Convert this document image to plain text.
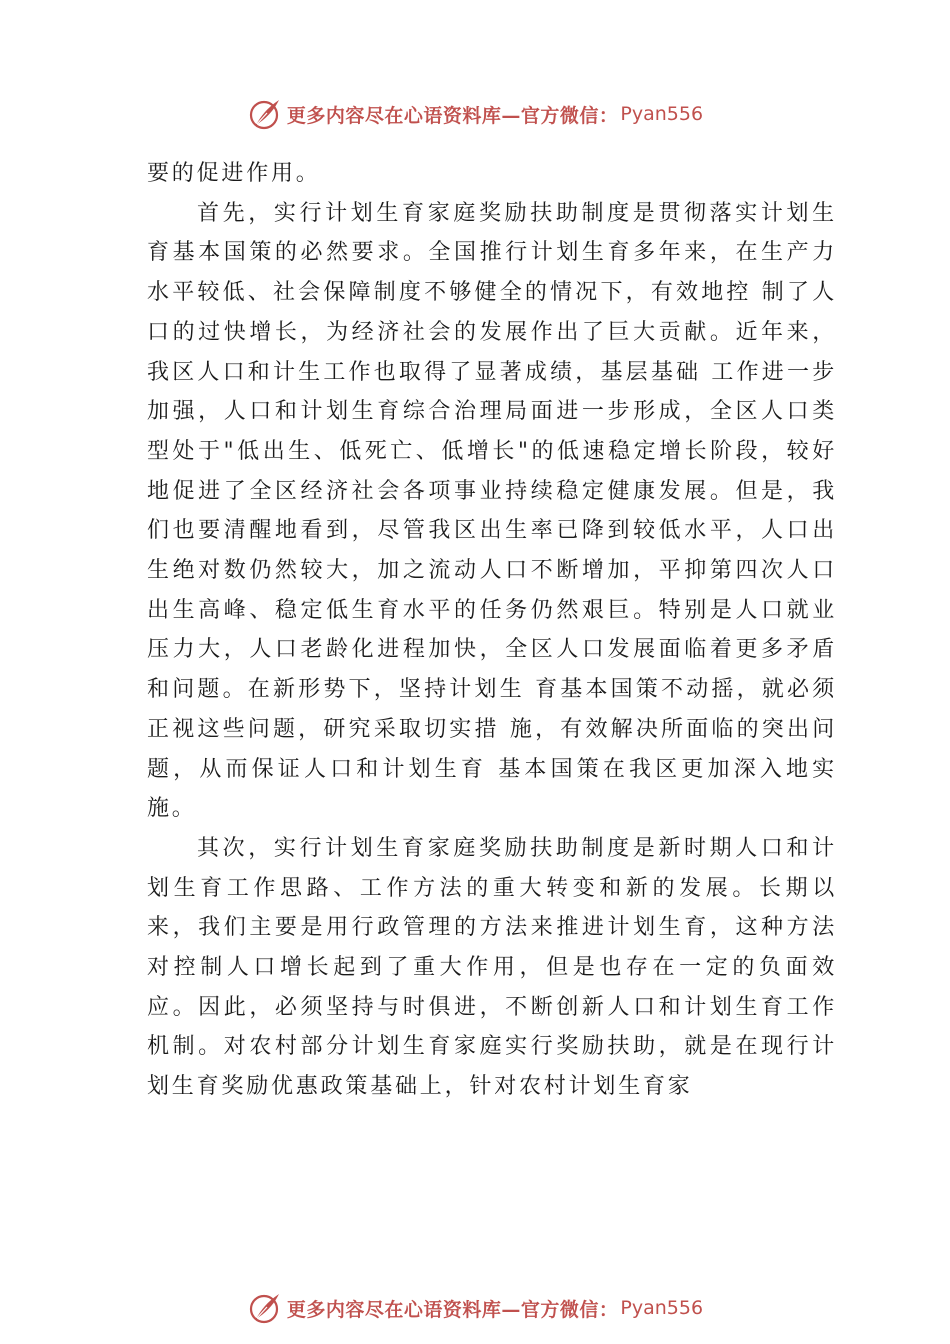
更多内容尽在心语资料库—官方微信： Pyan556

要的促进作用。

首先，实行计划生育家庭奖励扶助制度是贯彻落实计划生育基本国策的必然要求。全国推行计划生育多年来，在生产力水平较低、社会保障制度不够健全的情况下，有效地控 制了人口的过快增长，为经济社会的发展作出了巨大贡献。近年来，我区人口和计生工作也取得了显著成绩，基层基础 工作进一步加强，人口和计划生育综合治理局面进一步形成，全区人口类型处于"低出生、低死亡、低增长"的低速稳定增长阶段，较好地促进了全区经济社会各项事业持续稳定健康发展。但是，我们也要清醒地看到，尽管我区出生率已降到较低水平，人口出生绝对数仍然较大，加之流动人口不断增加，平抑第四次人口出生高峰、稳定低生育水平的任务仍然艰巨。特别是人口就业压力大，人口老龄化进程加快，全区人口发展面临着更多矛盾和问题。在新形势下，坚持计划生 育基本国策不动摇，就必须正视这些问题，研究采取切实措 施，有效解决所面临的突出问题，从而保证人口和计划生育 基本国策在我区更加深入地实施。

其次，实行计划生育家庭奖励扶助制度是新时期人口和计划生育工作思路、工作方法的重大转变和新的发展。长期以来，我们主要是用行政管理的方法来推进计划生育，这种方法对控制人口增长起到了重大作用，但是也存在一定的负面效应。因此，必须坚持与时俱进，不断创新人口和计划生育工作机制。对农村部分计划生育家庭实行奖励扶助，就是在现行计划生育奖励优惠政策基础上，针对农村计划生育家

更多内容尽在心语资料库—官方微信： Pyan556
